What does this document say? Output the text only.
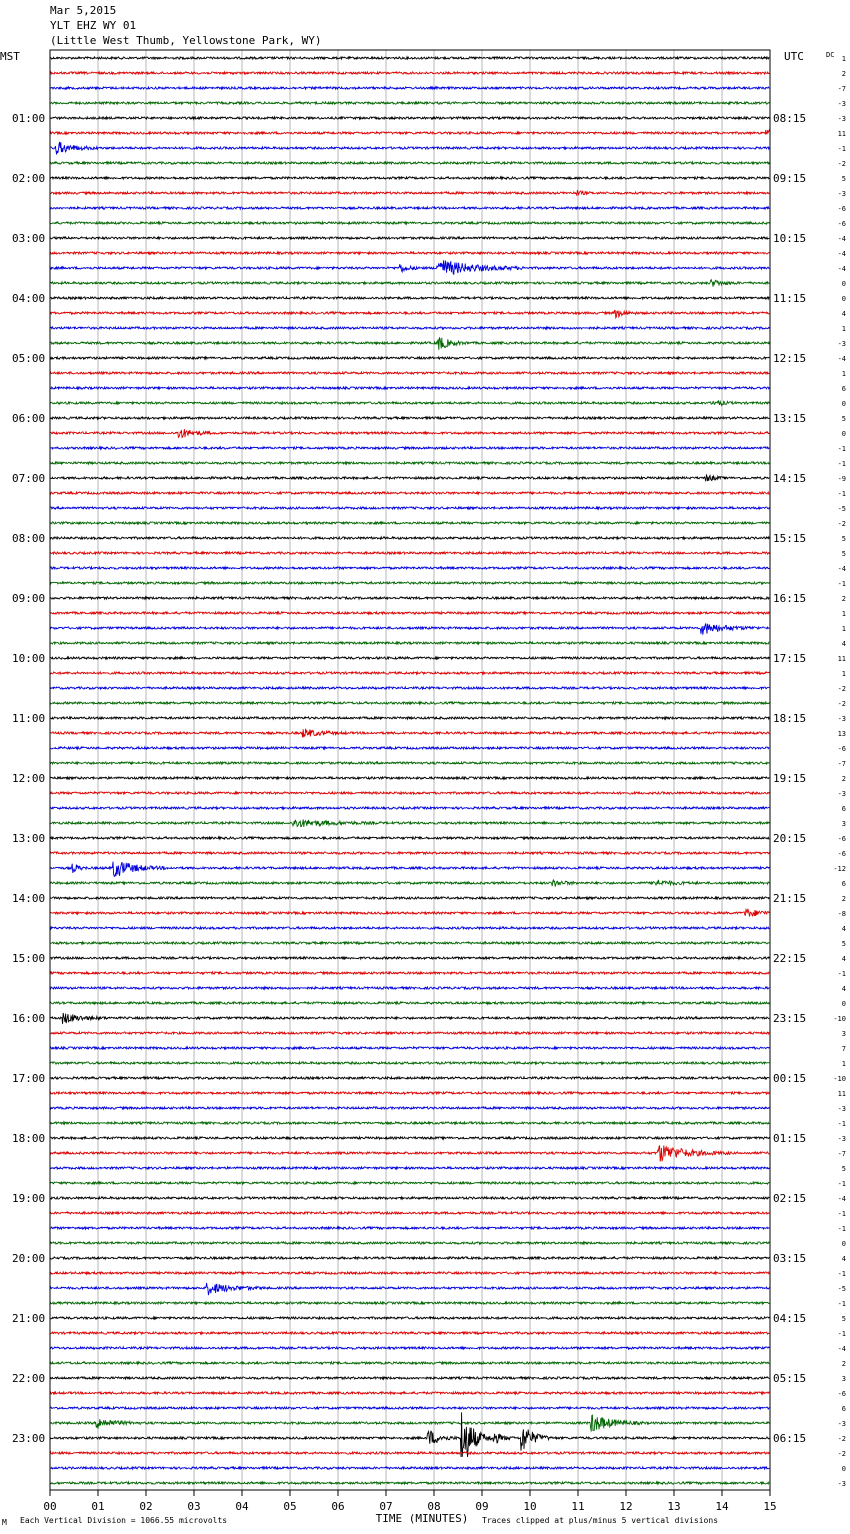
Mar 5,2015
YLT EHZ WY 01
(Little West Thumb, Yellowstone Park, WY)
00	01	02	03	04	05	06	07	08	09	10	11	12	13	14	15
1
2
-7
-3
-3
11
-1
-2
5
-3
-6
-6
-4
-4
-4
0
0
4
1
-3
-4
1
6
0
5
0
-1
-1
-9
-1
-5
-2
5
5
-4
-1
2
1
1
4
11
1
-2
-2
-3
13
-6
-7
2
-3
6
3
-6
-6
-12
6
2
-8
4
5
4
-1
4
0
-10
3
7
1
-10
11
-3
-1
-3
-7
5
-1
-4
-1
-1
0
4
-1
-5
-1
5
-1
-4
2
3
-6
6
-3
-2
-2
0
-3
01:00
02:00
03:00
04:00
05:00
06:00
07:00
08:00
09:00
10:00
11:00
12:00
13:00
14:00
15:00
16:00
17:00
18:00
19:00
20:00
21:00
22:00
23:00
08:15
09:15
10:15
11:15
12:15
13:15
14:15
15:15
16:15
17:15
18:15
19:15
20:15
21:15
22:15
23:15
00:15
01:15
02:15
03:15
04:15
05:15
06:15
MST	UTC	DC
TIME (MINUTES)
M Each Vertical Division = 1066.55 microvolts	Traces clipped at plus/minus 5 vertical divisions
